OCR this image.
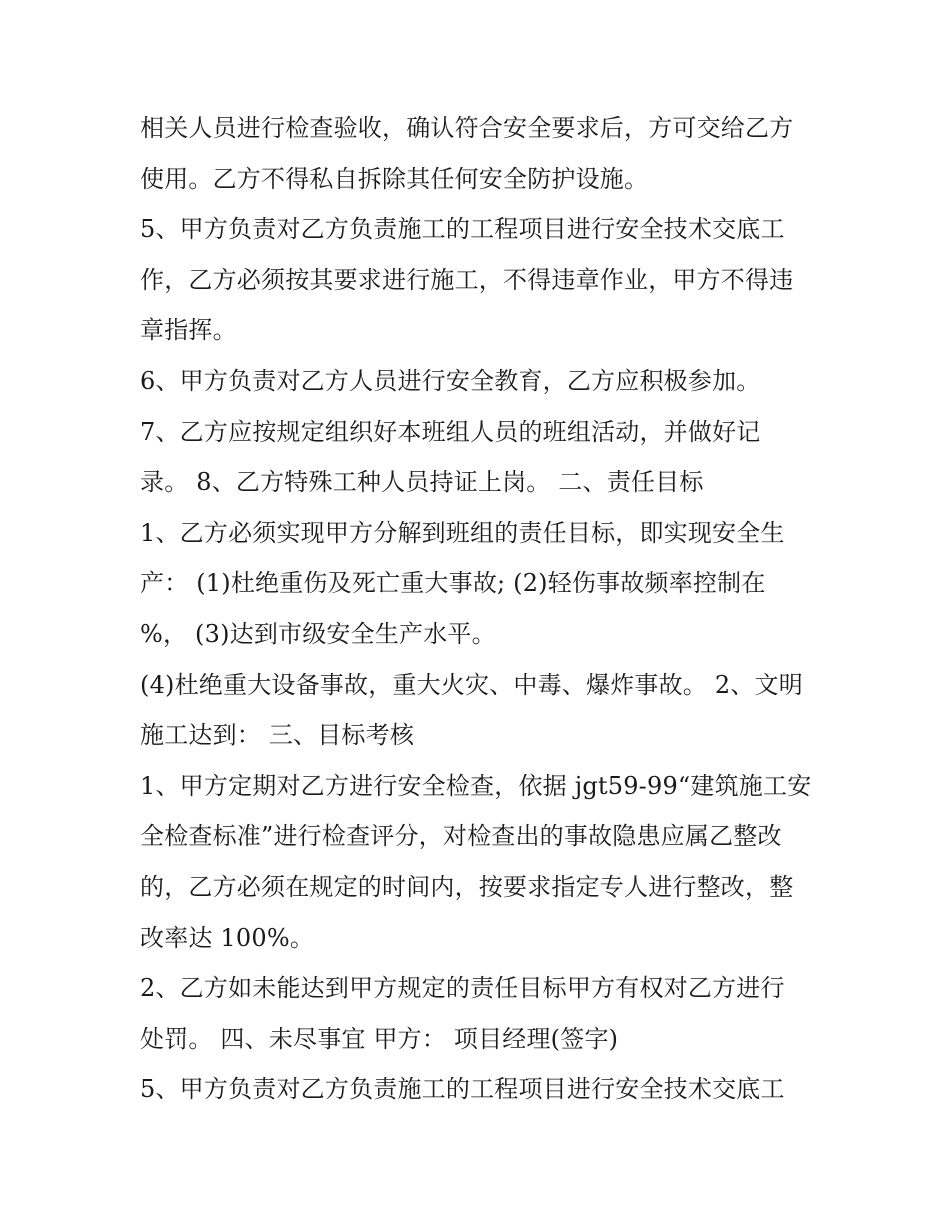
相关人员进行检查验收，确认符合安全要求后，方可交给乙方
使用。乙方不得私自拆除其任何安全防护设施。
5、甲方负责对乙方负责施工的工程项目进行安全技术交底工
作，乙方必须按其要求进行施工，不得违章作业，甲方不得违
章指挥。
6、甲方负责对乙方人员进行安全教育，乙方应积极参加。
7、乙方应按规定组织好本班组人员的班组活动，并做好记
录。 8、乙方特殊工种人员持证上岗。 二、责任目标
1、乙方必须实现甲方分解到班组的责任目标，即实现安全生
产： (1)杜绝重伤及死亡重大事故; (2)轻伤事故频率控制在
%， (3)达到市级安全生产水平。
(4)杜绝重大设备事故，重大火灾、中毒、爆炸事故。 2、文明
施工达到： 三、目标考核
1、甲方定期对乙方进行安全检查，依据 jgt59-99“建筑施工安
全检查标准”进行检查评分，对检查出的事故隐患应属乙整改
的，乙方必须在规定的时间内，按要求指定专人进行整改，整
改率达 100%。
2、乙方如未能达到甲方规定的责任目标甲方有权对乙方进行
处罚。 四、未尽事宜 甲方： 项目经理(签字)
5、甲方负责对乙方负责施工的工程项目进行安全技术交底工
